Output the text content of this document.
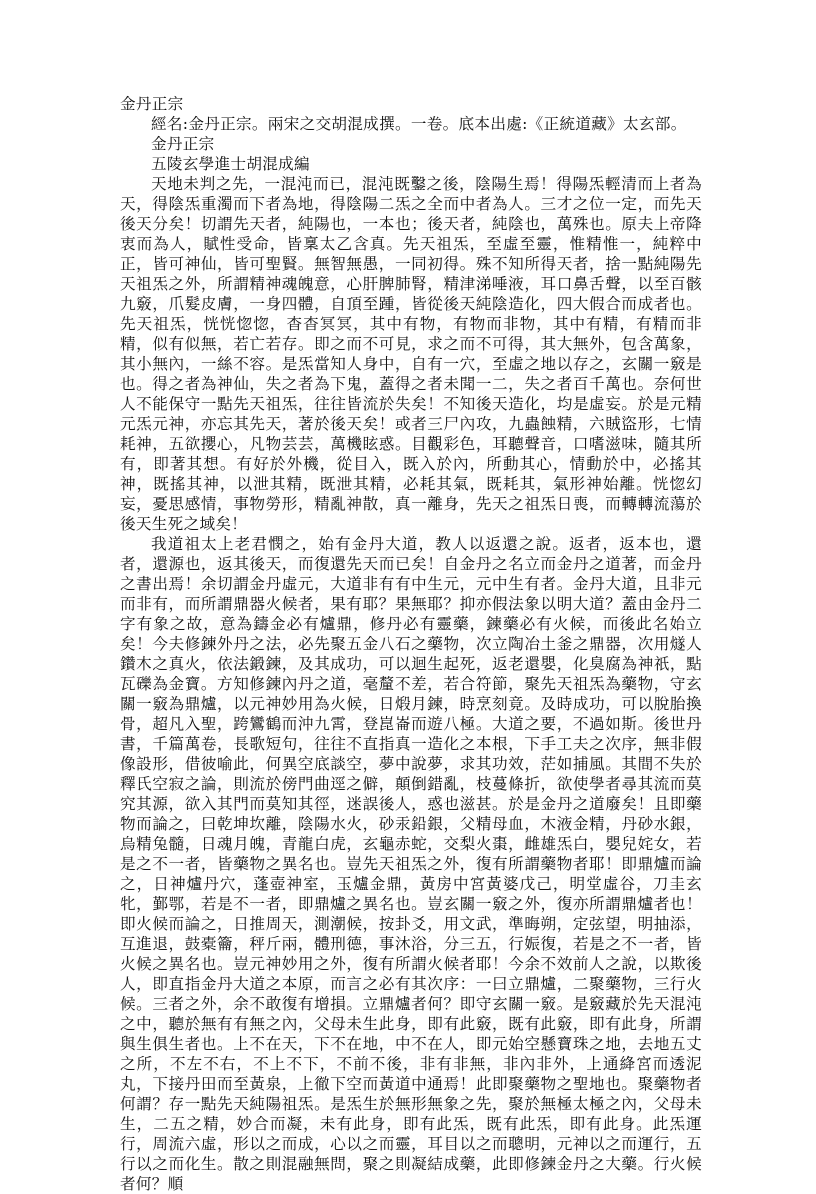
金丹正宗

經名:金丹正宗。兩宋之交胡混成撰。一卷。底本出處:《正統道藏》太玄部。

金丹正宗

五陵玄學進士胡混成編

天地未判之先，一混沌而已，混沌既鑿之後，陰陽生焉！得陽炁輕清而上者為天，得陰炁重濁而下者為地，得陰陽二炁之全而中者為人。三才之位一定，而先天後天分矣！切謂先天者，純陽也，一本也；後天者，純陰也，萬殊也。原夫上帝降衷而為人，賦性受命，皆稟太乙含真。先天祖炁，至虛至靈，惟精惟一，純粹中正，皆可神仙，皆可聖賢。無智無愚，一同初得。殊不知所得天者，捨一點純陽先天祖炁之外，所謂精神魂魄意，心肝脾肺腎，精津涕唾液，耳口鼻舌聲，以至百骸九竅，爪髮皮膚，一身四體，自頂至踵，皆從後天純陰造化，四大假合而成者也。先天祖炁，恍恍惚惚，杳杳冥冥，其中有物，有物而非物，其中有精，有精而非精，似有似無，若亡若存。即之而不可見，求之而不可得，其大無外，包含萬象，其小無內，一絲不容。是炁當知人身中，自有一穴，至虛之地以存之，玄關一竅是也。得之者為神仙，失之者為下鬼，蓋得之者未聞一二，失之者百千萬也。奈何世人不能保守一點先天祖炁，往往皆流於失矣！不知後天造化，均是虛妄。於是元精元炁元神，亦忘其先天，著於後天矣！或者三尸內攻，九蟲蝕精，六賊盜形，七情耗神，五欲攖心，凡物芸芸，萬機眩惑。目觀彩色，耳聽聲音，口嗜滋味，隨其所有，即著其想。有好於外機，從目入，既入於內，所動其心，情動於中，必搖其神，既搖其神，以泄其精，既泄其精，必耗其氣，既耗其，氣形神始離。恍惚幻妄，憂思感情，事物勞形，精亂神散，真一離身，先天之祖炁日喪，而轉轉流蕩於後天生死之域矣！

我道祖太上老君憫之，始有金丹大道，教人以返還之說。返者，返本也，還者，還源也，返其後天，而復還先天而已矣！自金丹之名立而金丹之道著，而金丹之書出焉！余切謂金丹虛元，大道非有有中生元，元中生有者。金丹大道，且非元而非有，而所謂鼎器火候者，果有耶？果無耶？抑亦假法象以明大道？蓋由金丹二字有象之故，意為鑄金必有爐鼎，修丹必有靈藥，鍊藥必有火候，而後此名始立矣！今夫修鍊外丹之法，必先聚五金八石之藥物，次立陶冶土釜之鼎器，次用燧人鑽木之真火，依法鍛鍊，及其成功，可以迴生起死，返老還嬰，化臭腐為神祇，點瓦礫為金寶。方知修鍊內丹之道，毫釐不差，若合符節，聚先天祖炁為藥物，守玄關一竅為鼎爐，以元神妙用為火候，日煅月鍊，時烹刻竟。及時成功，可以脫胎換骨，超凡入聖，跨鸞鶴而沖九霄，登崑崙而遊八極。大道之要，不過如斯。後世丹書，千篇萬卷，長歌短句，往往不直指真一造化之本根，下手工夫之次序，無非假像設形，借彼喻此，何異空底談空，夢中說夢，求其功效，茫如捕風。其間不失於釋氏空寂之論，則流於傍門曲逕之僻，顛倒錯亂，枝蔓條折，欲使學者尋其流而莫究其源，欲入其門而莫知其徑，迷誤後人，惑也滋甚。於是金丹之道廢矣！且即藥物而論之，曰乾坤坎離，陰陽水火，砂汞鉛銀，父精母血，木液金精，丹砂水銀，烏精兔髓，日魂月魄，青龍白虎，玄龜赤蛇，交梨火棗，雌雄炁白，嬰兒姹女，若是之不一者，皆藥物之異名也。豈先天祖炁之外，復有所謂藥物者耶！即鼎爐而論之，日神爐丹穴，蓬壺神室，玉爐金鼎，黃房中宮黃婆戊己，明堂虛谷，刀圭玄牝，鄞鄂，若是不一者，即鼎爐之異名也。豈玄關一竅之外，復亦所謂鼎爐者也！即火候而論之，日推周天，測潮候，按卦爻，用文武，準晦朔，定弦望，明抽添，互進退，鼓橐籥，秤斤兩，體刑德，事沐浴，分三五，行娠復，若是之不一者，皆火候之異名也。豈元神妙用之外，復有所謂火候者耶！今余不效前人之說，以欺後人，即直指金丹大道之本原，而言之必有其次序：一曰立鼎爐，二聚藥物，三行火候。三者之外，余不敢復有增損。立鼎爐者何？即守玄關一竅。是竅藏於先天混沌之中，聽於無有有無之內，父母未生此身，即有此竅，既有此竅，即有此身，所謂與生俱生者也。上不在天，下不在地，中不在人，即元始空懸寶珠之地，去地五丈之所，不左不右，不上不下，不前不後，非有非無，非內非外，上通絳宮而透泥丸，下接丹田而至黃泉，上徹下空而黃道中通焉！此即聚藥物之聖地也。聚藥物者何謂？存一點先天純陽祖炁。是炁生於無形無象之先，聚於無極太極之內，父母未生，二五之精，妙合而凝，未有此身，即有此炁，既有此炁，即有此身。此炁運行，周流六虛，形以之而成，心以之而靈，耳目以之而聰明，元神以之而運行，五行以之而化生。散之則混融無問，聚之則凝結成藥，此即修鍊金丹之大藥。行火候者何？順
